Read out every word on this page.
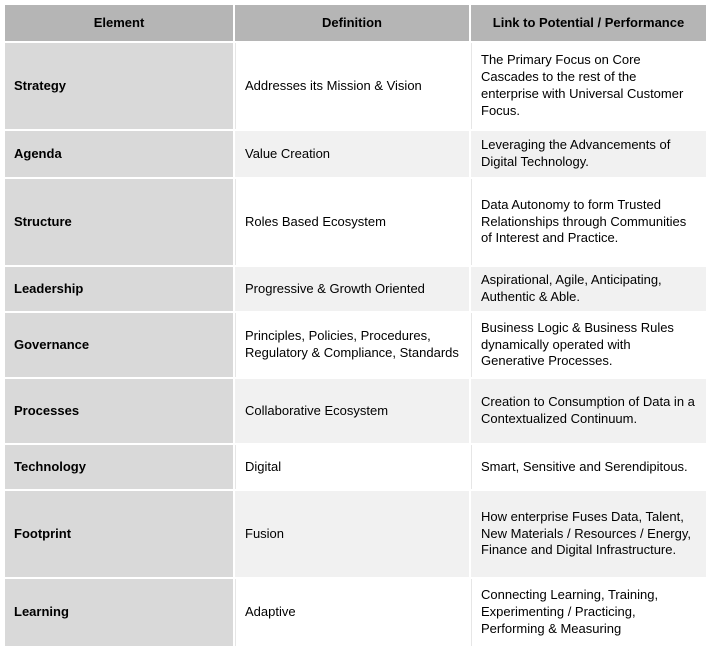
Element	Definition	Link to Potential / Performance
Strategy	Addresses its Mission & Vision	The Primary Focus on Core Cascades to the rest of the enterprise with Universal Customer Focus.
Agenda	Value Creation	Leveraging the Advancements of Digital Technology.
Structure	Roles Based Ecosystem	Data Autonomy to form Trusted Relationships through Communities of Interest and Practice.
Leadership	Progressive & Growth Oriented	Aspirational, Agile, Anticipating, Authentic & Able.
Governance	Principles, Policies, Procedures, Regulatory & Compliance, Standards	Business Logic & Business Rules dynamically operated with Generative Processes.
Processes	Collaborative Ecosystem	Creation to Consumption of Data in a Contextualized Continuum.
Technology	Digital	Smart, Sensitive and Serendipitous.
Footprint	Fusion	How enterprise Fuses Data, Talent, New Materials / Resources / Energy, Finance and Digital Infrastructure.
Learning	Adaptive	Connecting Learning, Training, Experimenting / Practicing, Performing & Measuring
